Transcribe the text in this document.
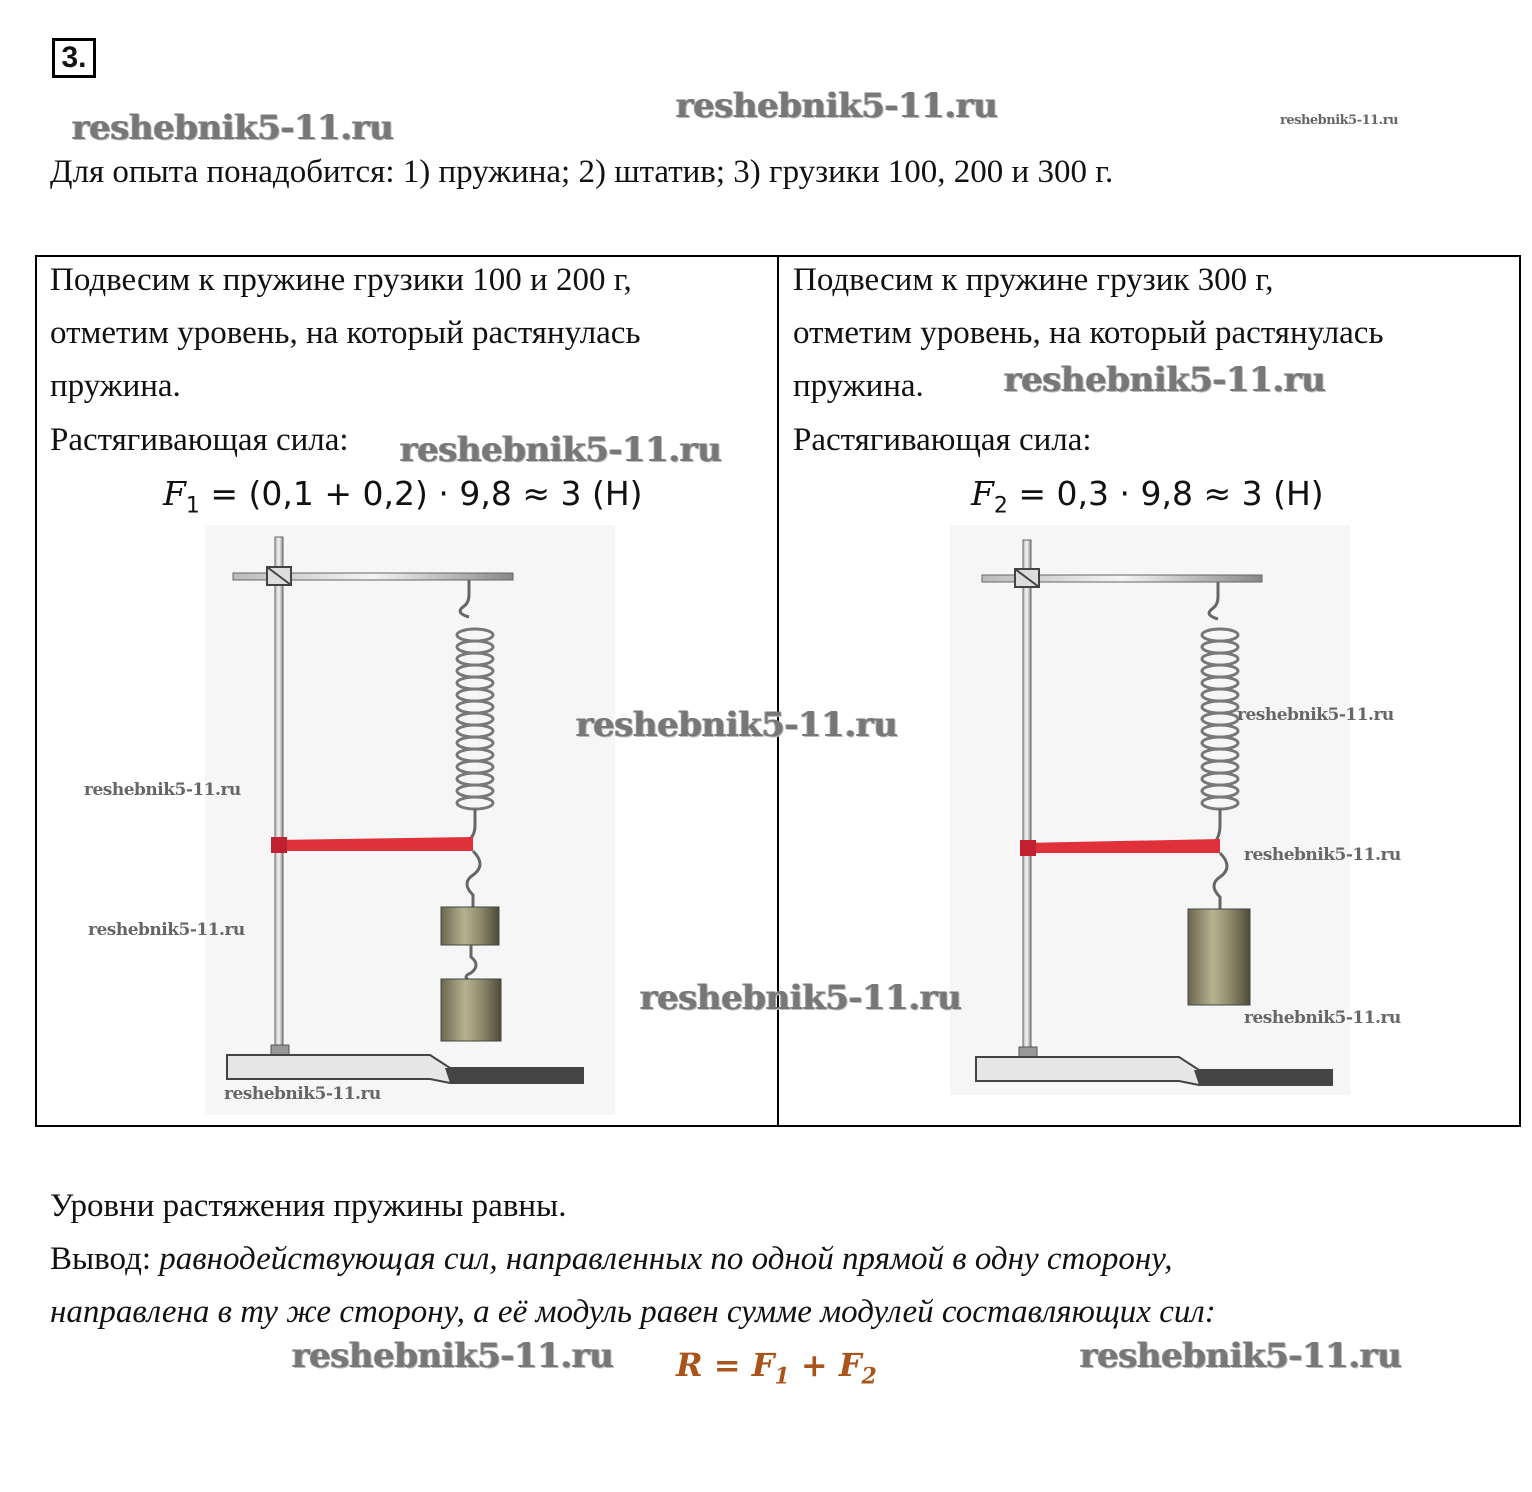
3.
reshebnik5-11.ru
reshebnik5-11.ru	reshebnik5-11.ru
Для опыта понадобится: 1) пружина; 2) штатив; 3) грузики 100, 200 и 300 г.
Подвесим к пружине грузики 100 и 200 г,
отметим уровень, на который растянулась
пружина.
Растягивающая сила: reshebnik5-11.ru
$F_1 = (0,1 + 0,2) \cdot 9,8 \approx 3$ (Н)
Подвесим к пружине грузик 300 г,
отметим уровень, на который растянулась
пружина. reshebnik5-11.ru
Растягивающая сила:
$F_2 = 0,3 \cdot 9,8 \approx 3$ (Н)
reshebnik5-11.ru
reshebnik5-11.ru
reshebnik5-11.ru
reshebnik5-11.ru
reshebnik5-11.ru
reshebnik5-11.ru
reshebnik5-11.ru
reshebnik5-11.ru
Уровни растяжения пружины равны.
Вывод: равнодействующая сил, направленных по одной прямой в одну сторону,
направлена в ту же сторону, а её модуль равен сумме модулей составляющих сил:
reshebnik5-11.ru	reshebnik5-11.ru
$R = F_1 + F_2$
